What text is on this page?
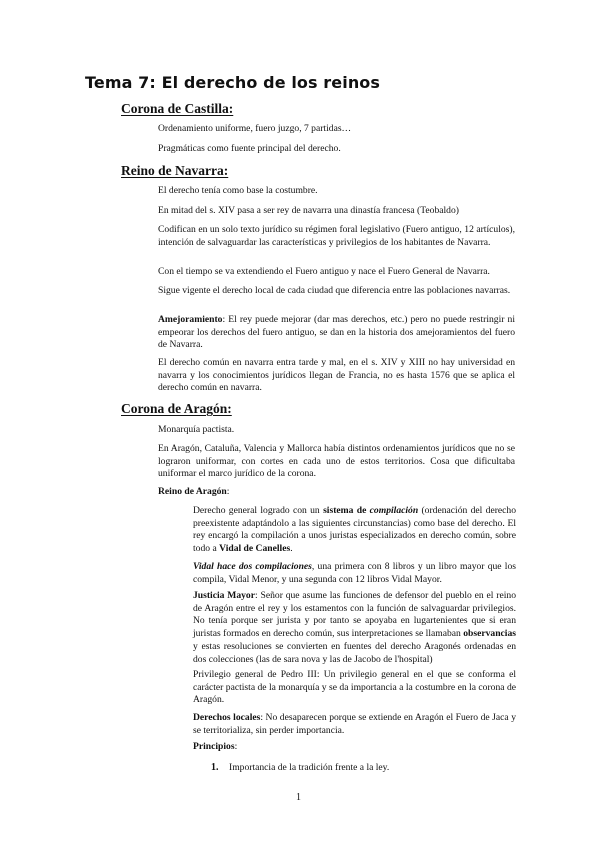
Tema 7: El derecho de los reinos
Corona de Castilla:

Ordenamiento uniforme, fuero juzgo, 7 partidas…

Pragmáticas como fuente principal del derecho.

Reino de Navarra:

El derecho tenía como base la costumbre.

En mitad del s. XIV pasa a ser rey de navarra una dinastía francesa (Teobaldo)

Codifican en un solo texto jurídico su régimen foral legislativo (Fuero antiguo, 12 artículos), intención de salvaguardar las características y privilegios de los habitantes de Navarra.

Con el tiempo se va extendiendo el Fuero antiguo y nace el Fuero General de Navarra.

Sigue vigente el derecho local de cada ciudad que diferencia entre las poblaciones navarras.

Amejoramiento: El rey puede mejorar (dar mas derechos, etc.) pero no puede restringir ni empeorar los derechos del fuero antiguo, se dan en la historia dos amejoramientos del fuero de Navarra.

El derecho común en navarra entra tarde y mal, en el s. XIV y XIII no hay universidad en navarra y los conocimientos jurídicos llegan de Francia, no es hasta 1576 que se aplica el derecho común en navarra.

Corona de Aragón:

Monarquía pactista.

En Aragón, Cataluña, Valencia y Mallorca había distintos ordenamientos jurídicos que no se lograron uniformar, con cortes en cada uno de estos territorios. Cosa que dificultaba uniformar el marco jurídico de la corona.

Reino de Aragón:

Derecho general logrado con un sistema de compilación (ordenación del derecho preexistente adaptándolo a las siguientes circunstancias) como base del derecho. El rey encargó la compilación a unos juristas especializados en derecho común, sobre todo a Vidal de Canelles.

Vidal hace dos compilaciones, una primera con 8 libros y un libro mayor que los compila, Vidal Menor, y una segunda con 12 libros Vidal Mayor.

Justicia Mayor: Señor que asume las funciones de defensor del pueblo en el reino de Aragón entre el rey y los estamentos con la función de salvaguardar privilegios. No tenía porque ser jurista y por tanto se apoyaba en lugartenientes que si eran juristas formados en derecho común, sus interpretaciones se llamaban observancias y estas resoluciones se convierten en fuentes del derecho Aragonés ordenadas en dos colecciones (las de sara nova y las de Jacobo de l'hospital)

Privilegio general de Pedro III: Un privilegio general en el que se conforma el carácter pactista de la monarquía y se da importancia a la costumbre en la corona de Aragón.

Derechos locales: No desaparecen porque se extiende en Aragón el Fuero de Jaca y se territorializa, sin perder importancia.

Principios:

1. Importancia de la tradición frente a la ley.

1
